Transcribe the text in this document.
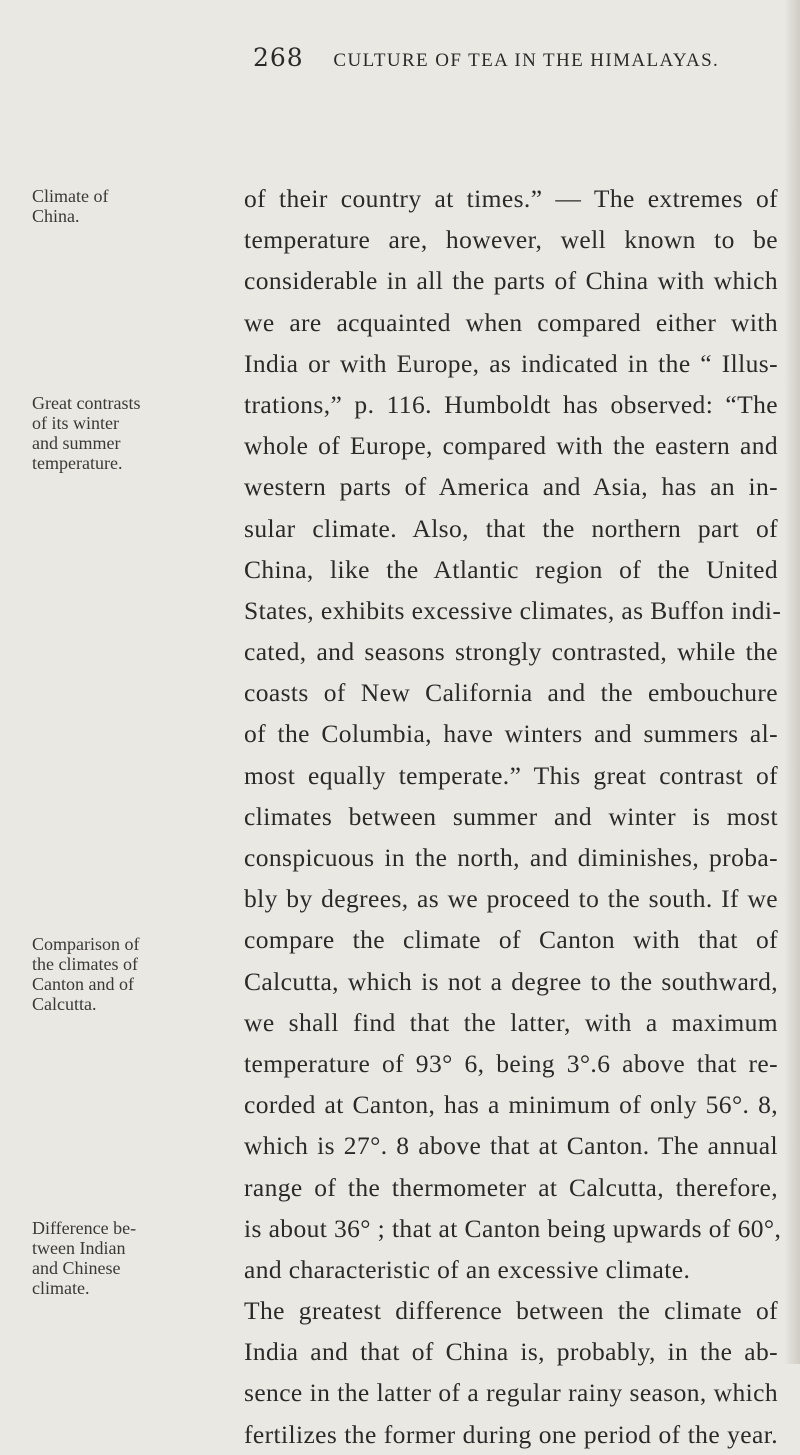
268 CULTURE OF TEA IN THE HIMALAYAS.
Climate of
China.
Great contrasts
of its winter
and summer
temperature.
Comparison of
the climates of
Canton and of
Calcutta.
Difference be-
tween Indian
and Chinese
climate.
of their country at times.” — The extremes of
temperature are, however, well known to be
considerable in all the parts of China with which
we are acquainted when compared either with
India or with Europe, as indicated in the “ Illus-
trations,” p. 116. Humboldt has observed: “The
whole of Europe, compared with the eastern and
western parts of America and Asia, has an in-
sular climate. Also, that the northern part of
China, like the Atlantic region of the United
States, exhibits excessive climates, as Buffon indi-
cated, and seasons strongly contrasted, while the
coasts of New California and the embouchure
of the Columbia, have winters and summers al-
most equally temperate.” This great contrast of
climates between summer and winter is most
conspicuous in the north, and diminishes, proba-
bly by degrees, as we proceed to the south. If we
compare the climate of Canton with that of
Calcutta, which is not a degree to the southward,
we shall find that the latter, with a maximum
temperature of 93° 6, being 3°.6 above that re-
corded at Canton, has a minimum of only 56°. 8,
which is 27°. 8 above that at Canton. The annual
range of the thermometer at Calcutta, therefore,
is about 36° ; that at Canton being upwards of 60°,
and characteristic of an excessive climate.
The greatest difference between the climate of
India and that of China is, probably, in the ab-
sence in the latter of a regular rainy season, which
fertilizes the former during one period of the year.
